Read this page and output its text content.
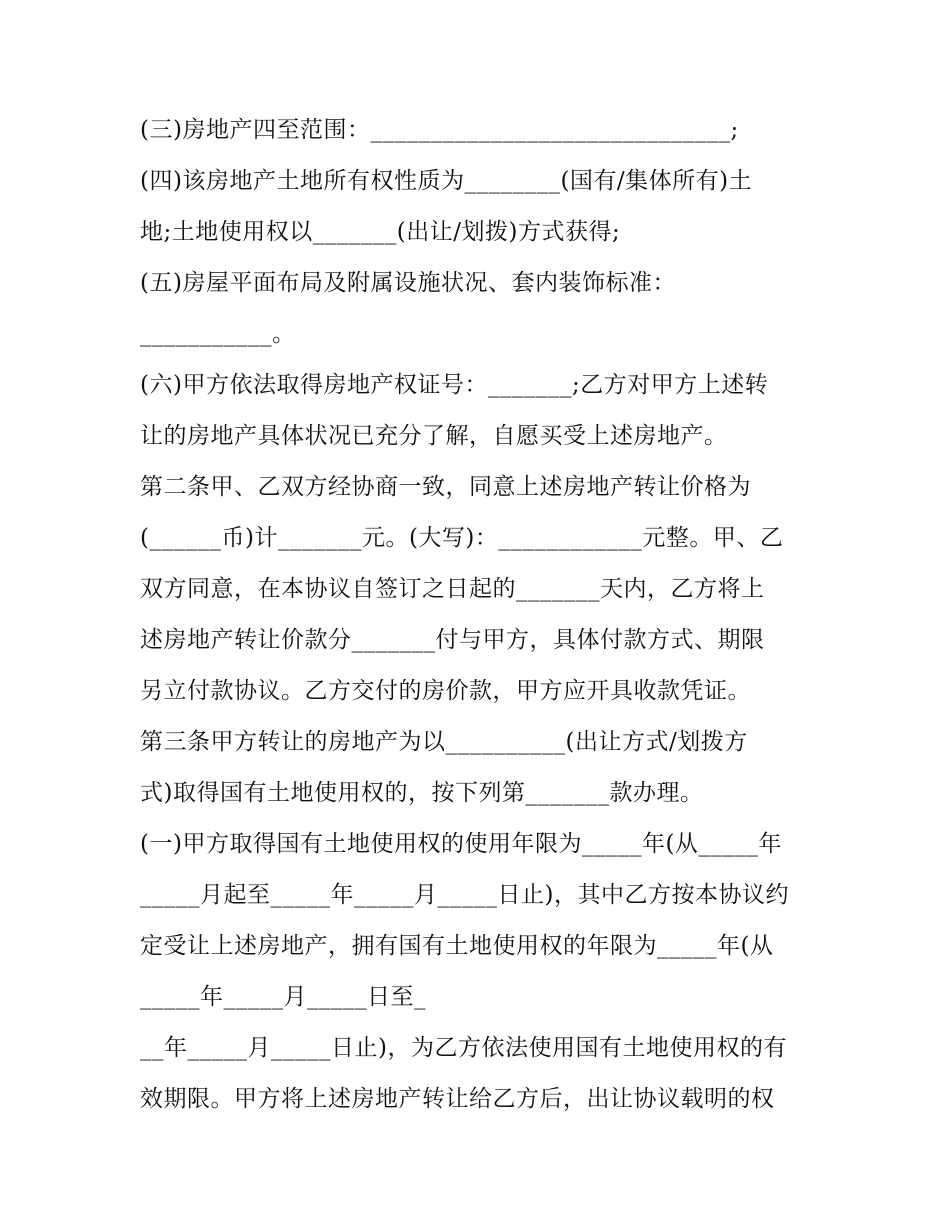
(三)房地产四至范围：______________________________;
(四)该房地产土地所有权性质为________(国有/集体所有)土
地;土地使用权以_______(出让/划拨)方式获得;
(五)房屋平面布局及附属设施状况、套内装饰标准：
___________。
(六)甲方依法取得房地产权证号：_______;乙方对甲方上述转
让的房地产具体状况已充分了解，自愿买受上述房地产。
第二条甲、乙双方经协商一致，同意上述房地产转让价格为
(______币)计_______元。(大写)：____________元整。甲、乙
双方同意，在本协议自签订之日起的_______天内，乙方将上
述房地产转让价款分_______付与甲方，具体付款方式、期限
另立付款协议。乙方交付的房价款，甲方应开具收款凭证。
第三条甲方转让的房地产为以__________(出让方式/划拨方
式)取得国有土地使用权的，按下列第_______款办理。
(一)甲方取得国有土地使用权的使用年限为_____年(从_____年
_____月起至_____年_____月_____日止)，其中乙方按本协议约
定受让上述房地产，拥有国有土地使用权的年限为_____年(从
_____年_____月_____日至_
__年_____月_____日止)，为乙方依法使用国有土地使用权的有
效期限。甲方将上述房地产转让给乙方后，出让协议载明的权
